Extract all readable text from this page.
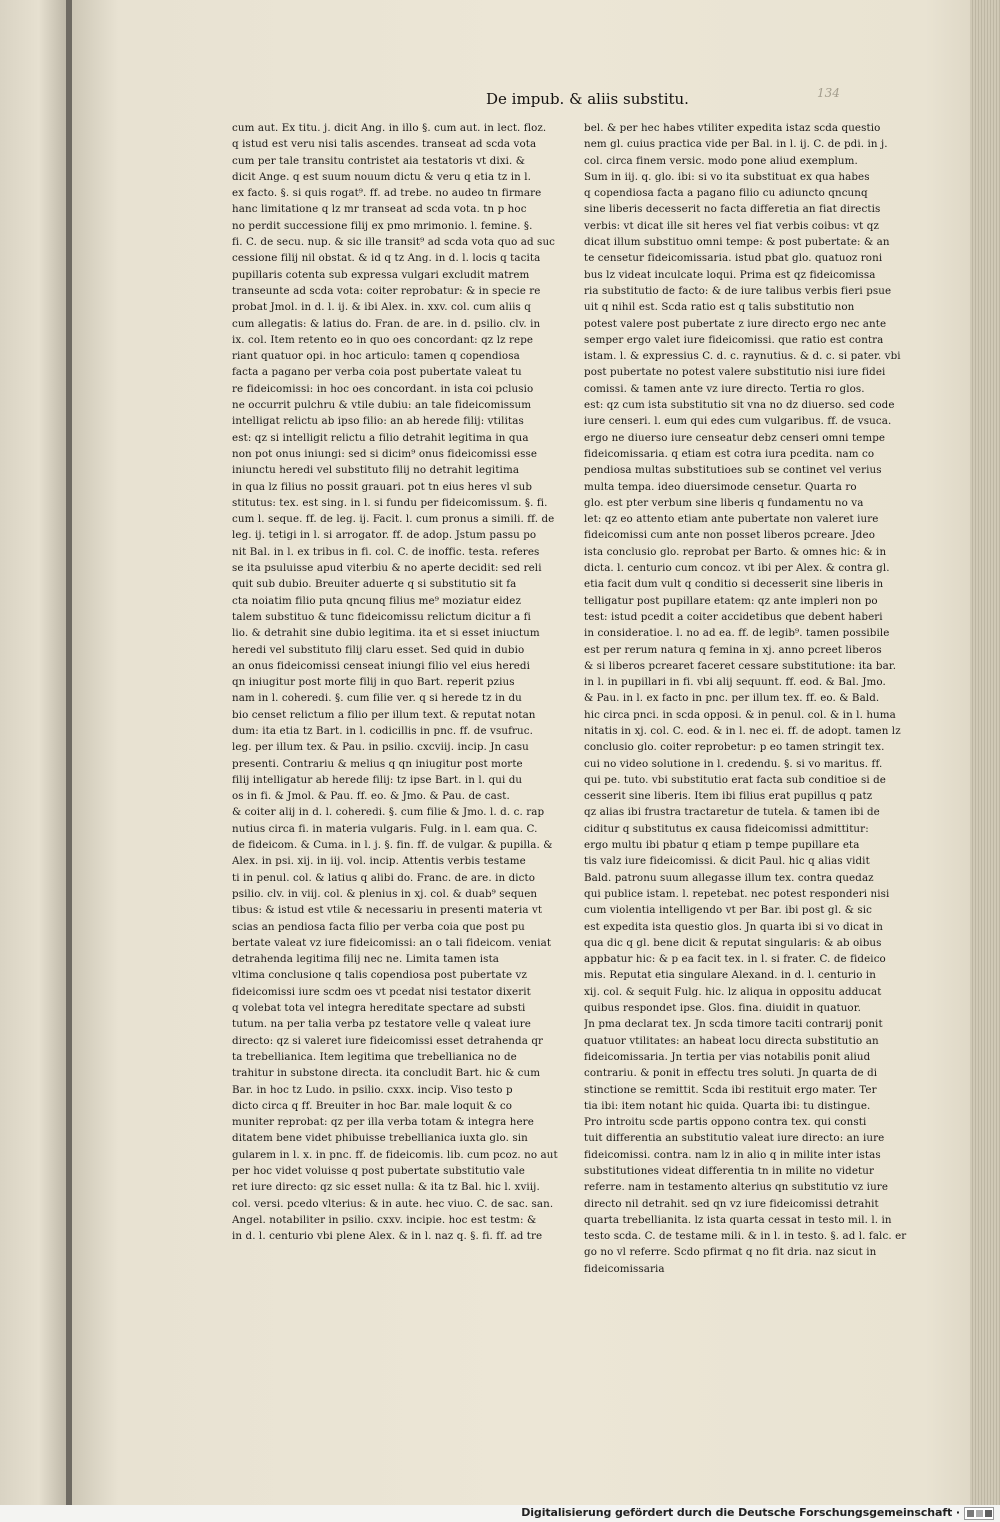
De impub. & aliis substitu.	134
cum aut. Ex titu. j. dicit Ang. in illo §. cum aut. in lect. floz.
q istud est veru nisi talis ascendes. transeat ad scda vota
cum per tale transitu contristet aia testatoris vt dixi. &
dicit Ange. q est suum nouum dictu & veru q etia tz in l.
ex facto. §. si quis rogat⁹. ff. ad trebe. no audeo tn firmare
hanc limitatione q lz mr transeat ad scda vota. tn p hoc
no perdit successione filij ex pmo mrimonio. l. femine. §.
fi. C. de secu. nup. & sic ille transit⁹ ad scda vota quo ad suc
cessione filij nil obstat. & id q tz Ang. in d. l. locis q tacita
pupillaris cotenta sub expressa vulgari excludit matrem
transeunte ad scda vota: coiter reprobatur: & in specie re
probat Jmol. in d. l. ij. & ibi Alex. in. xxv. col. cum aliis q
cum allegatis: & latius do. Fran. de are. in d. psilio. clv. in
ix. col. Item retento eo in quo oes concordant: qz lz repe
riant quatuor opi. in hoc articulo: tamen q copendiosa
facta a pagano per verba coia post pubertate valeat tu
re fideicomissi: in hoc oes concordant. in ista coi pclusio
ne occurrit pulchru & vtile dubiu: an tale fideicomissum
intelligat relictu ab ipso filio: an ab herede filij: vtilitas
est: qz si intelligit relictu a filio detrahit legitima in qua
non pot onus iniungi: sed si dicim⁹ onus fideicomissi esse
iniunctu heredi vel substituto filij no detrahit legitima
in qua lz filius no possit grauari. pot tn eius heres vl sub
stitutus: tex. est sing. in l. si fundu per fideicomissum. §. fi.
cum l. seque. ff. de leg. ij. Facit. l. cum pronus a simili. ff. de
leg. ij. tetigi in l. si arrogator. ff. de adop. Jstum passu po
nit Bal. in l. ex tribus in fi. col. C. de inoffic. testa. referes
se ita psuluisse apud viterbiu & no aperte decidit: sed reli
quit sub dubio. Breuiter aduerte q si substitutio sit fa
cta noiatim filio puta qncunq filius me⁹ moziatur eidez
talem substituo & tunc fideicomissu relictum dicitur a fi
lio. & detrahit sine dubio legitima. ita et si esset iniuctum
heredi vel substituto filij claru esset. Sed quid in dubio
an onus fideicomissi censeat iniungi filio vel eius heredi
qn iniugitur post morte filij in quo Bart. reperit pzius
nam in l. coheredi. §. cum filie ver. q si herede tz in du
bio censet relictum a filio per illum text. & reputat notan
dum: ita etia tz Bart. in l. codicillis in pnc. ff. de vsufruc.
leg. per illum tex. & Pau. in psilio. cxcviij. incip. Jn casu
presenti. Contrariu & melius q qn iniugitur post morte
filij intelligatur ab herede filij: tz ipse Bart. in l. qui du
os in fi. & Jmol. & Pau. ff. eo. & Jmo. & Pau. de cast.
& coiter alij in d. l. coheredi. §. cum filie & Jmo. l. d. c. rap
nutius circa fi. in materia vulgaris. Fulg. in l. eam qua. C.
de fideicom. & Cuma. in l. j. §. fin. ff. de vulgar. & pupilla. &
Alex. in psi. xij. in iij. vol. incip. Attentis verbis testame
ti in penul. col. & latius q alibi do. Franc. de are. in dicto
psilio. clv. in viij. col. & plenius in xj. col. & duab⁹ sequen
tibus: & istud est vtile & necessariu in presenti materia vt
scias an pendiosa facta filio per verba coia que post pu
bertate valeat vz iure fideicomissi: an o tali fideicom. veniat
detrahenda legitima filij nec ne. Limita tamen ista
vltima conclusione q talis copendiosa post pubertate vz
fideicomissi iure scdm oes vt pcedat nisi testator dixerit
q volebat tota vel integra hereditate spectare ad substi
tutum. na per talia verba pz testatore velle q valeat iure
directo: qz si valeret iure fideicomissi esset detrahenda qr
ta trebellianica. Item legitima que trebellianica no de
trahitur in substone directa. ita concludit Bart. hic & cum
Bar. in hoc tz Ludo. in psilio. cxxx. incip. Viso testo p
dicto circa q ff. Breuiter in hoc Bar. male loquit & co
muniter reprobat: qz per illa verba totam & integra here
ditatem bene videt phibuisse trebellianica iuxta glo. sin
gularem in l. x. in pnc. ff. de fideicomis. lib. cum pcoz. no aut
per hoc videt voluisse q post pubertate substitutio vale
ret iure directo: qz sic esset nulla: & ita tz Bal. hic l. xviij.
col. versi. pcedo vlterius: & in aute. hec viuo. C. de sac. san.
Angel. notabiliter in psilio. cxxv. incipie. hoc est testm: &
in d. l. centurio vbi plene Alex. & in l. naz q. §. fi. ff. ad tre
bel. & per hec habes vtiliter expedita istaz scda questio
nem gl. cuius practica vide per Bal. in l. ij. C. de pdi. in j.
col. circa finem versic. modo pone aliud exemplum.
Sum in iij. q. glo. ibi: si vo ita substituat ex qua habes
q copendiosa facta a pagano filio cu adiuncto qncunq
sine liberis decesserit no facta differetia an fiat directis
verbis: vt dicat ille sit heres vel fiat verbis coibus: vt qz
dicat illum substituo omni tempe: & post pubertate: & an
te censetur fideicomissaria. istud pbat glo. quatuoz roni
bus lz videat inculcate loqui. Prima est qz fideicomissa
ria substitutio de facto: & de iure talibus verbis fieri psue
uit q nihil est. Scda ratio est q talis substitutio non
potest valere post pubertate z iure directo ergo nec ante
semper ergo valet iure fideicomissi. que ratio est contra
istam. l. & expressius C. d. c. raynutius. & d. c. si pater. vbi
post pubertate no potest valere substitutio nisi iure fidei
comissi. & tamen ante vz iure directo. Tertia ro glos.
est: qz cum ista substitutio sit vna no dz diuerso. sed code
iure censeri. l. eum qui edes cum vulgaribus. ff. de vsuca.
ergo ne diuerso iure censeatur debz censeri omni tempe
fideicomissaria. q etiam est cotra iura pcedita. nam co
pendiosa multas substitutioes sub se continet vel verius
multa tempa. ideo diuersimode censetur. Quarta ro
glo. est pter verbum sine liberis q fundamentu no va
let: qz eo attento etiam ante pubertate non valeret iure
fideicomissi cum ante non posset liberos pcreare. Jdeo
ista conclusio glo. reprobat per Barto. & omnes hic: & in
dicta. l. centurio cum concoz. vt ibi per Alex. & contra gl.
etia facit dum vult q conditio si decesserit sine liberis in
telligatur post pupillare etatem: qz ante impleri non po
test: istud pcedit a coiter accidetibus que debent haberi
in consideratioe. l. no ad ea. ff. de legib⁹. tamen possibile
est per rerum natura q femina in xj. anno pcreet liberos
& si liberos pcrearet faceret cessare substitutione: ita bar.
in l. in pupillari in fi. vbi alij sequunt. ff. eod. & Bal. Jmo.
& Pau. in l. ex facto in pnc. per illum tex. ff. eo. & Bald.
hic circa pnci. in scda opposi. & in penul. col. & in l. huma
nitatis in xj. col. C. eod. & in l. nec ei. ff. de adopt. tamen lz
conclusio glo. coiter reprobetur: p eo tamen stringit tex.
cui no video solutione in l. credendu. §. si vo maritus. ff.
qui pe. tuto. vbi substitutio erat facta sub conditioe si de
cesserit sine liberis. Item ibi filius erat pupillus q patz
qz alias ibi frustra tractaretur de tutela. & tamen ibi de
ciditur q substitutus ex causa fideicomissi admittitur:
ergo multu ibi pbatur q etiam p tempe pupillare eta
tis valz iure fideicomissi. & dicit Paul. hic q alias vidit
Bald. patronu suum allegasse illum tex. contra quedaz
qui publice istam. l. repetebat. nec potest responderi nisi
cum violentia intelligendo vt per Bar. ibi post gl. & sic
est expedita ista questio glos. Jn quarta ibi si vo dicat in
qua dic q gl. bene dicit & reputat singularis: & ab oibus
appbatur hic: & p ea facit tex. in l. si frater. C. de fideico
mis. Reputat etia singulare Alexand. in d. l. centurio in
xij. col. & sequit Fulg. hic. lz aliqua in oppositu adducat
quibus respondet ipse. Glos. fina. diuidit in quatuor.
Jn pma declarat tex. Jn scda timore taciti contrarij ponit
quatuor vtilitates: an habeat locu directa substitutio an
fideicomissaria. Jn tertia per vias notabilis ponit aliud
contrariu. & ponit in effectu tres soluti. Jn quarta de di
stinctione se remittit. Scda ibi restituit ergo mater. Ter
tia ibi: item notant hic quida. Quarta ibi: tu distingue.
Pro introitu scde partis oppono contra tex. qui consti
tuit differentia an substitutio valeat iure directo: an iure
fideicomissi. contra. nam lz in alio q in milite inter istas
substitutiones videat differentia tn in milite no videtur
referre. nam in testamento alterius qn substitutio vz iure
directo nil detrahit. sed qn vz iure fideicomissi detrahit
quarta trebellianita. lz ista quarta cessat in testo mil. l. in
testo scda. C. de testame mili. & in l. in testo. §. ad l. falc. er
go no vl referre. Scdo pfirmat q no fit dria. naz sicut in
fideicomissaria
Digitalisierung gefördert durch die Deutsche Forschungsgemeinschaft ·
